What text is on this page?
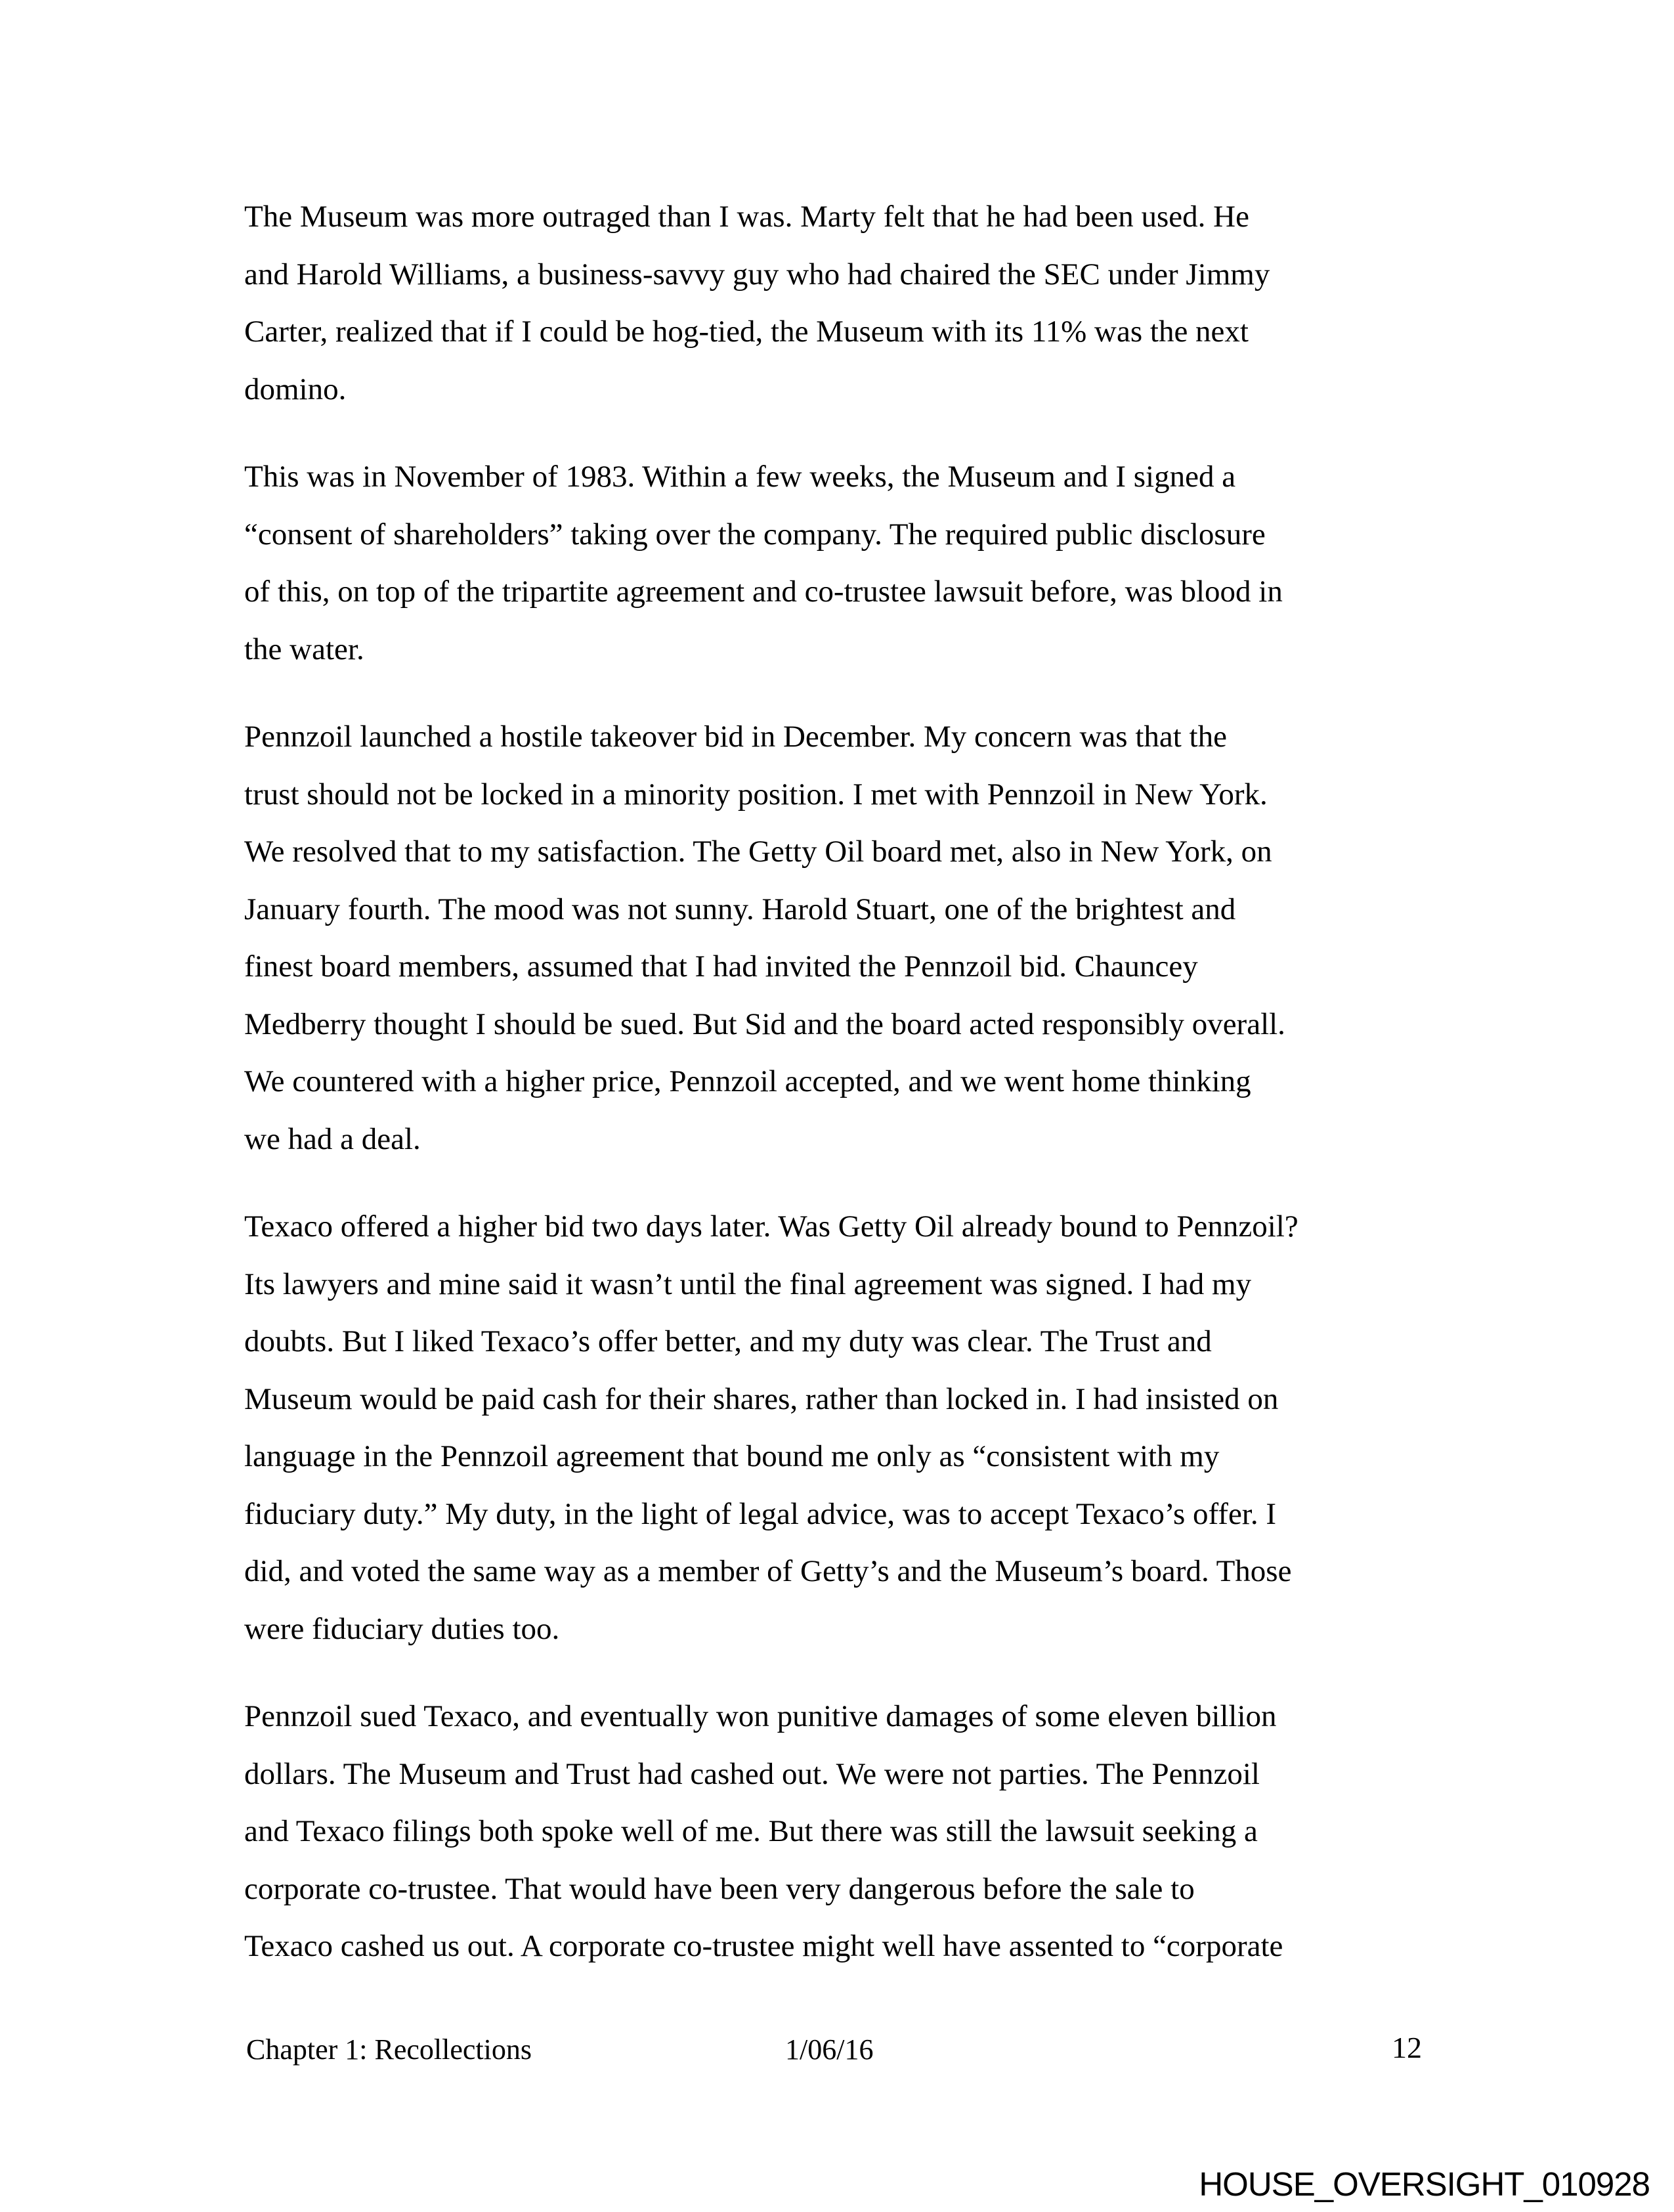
The Museum was more outraged than I was. Marty felt that he had been used. He
and Harold Williams, a business-savvy guy who had chaired the SEC under Jimmy
Carter, realized that if I could be hog-tied, the Museum with its 11% was the next
domino.
This was in November of 1983. Within a few weeks, the Museum and I signed a
“consent of shareholders” taking over the company. The required public disclosure
of this, on top of the tripartite agreement and co-trustee lawsuit before, was blood in
the water.
Pennzoil launched a hostile takeover bid in December. My concern was that the
trust should not be locked in a minority position. I met with Pennzoil in New York.
We resolved that to my satisfaction. The Getty Oil board met, also in New York, on
January fourth. The mood was not sunny. Harold Stuart, one of the brightest and
finest board members, assumed that I had invited the Pennzoil bid. Chauncey
Medberry thought I should be sued. But Sid and the board acted responsibly overall.
We countered with a higher price, Pennzoil accepted, and we went home thinking
we had a deal.
Texaco offered a higher bid two days later. Was Getty Oil already bound to Pennzoil?
Its lawyers and mine said it wasn’t until the final agreement was signed. I had my
doubts. But I liked Texaco’s offer better, and my duty was clear. The Trust and
Museum would be paid cash for their shares, rather than locked in. I had insisted on
language in the Pennzoil agreement that bound me only as “consistent with my
fiduciary duty.” My duty, in the light of legal advice, was to accept Texaco’s offer. I
did, and voted the same way as a member of Getty’s and the Museum’s board. Those
were fiduciary duties too.
Pennzoil sued Texaco, and eventually won punitive damages of some eleven billion
dollars. The Museum and Trust had cashed out. We were not parties. The Pennzoil
and Texaco filings both spoke well of me. But there was still the lawsuit seeking a
corporate co-trustee. That would have been very dangerous before the sale to
Texaco cashed us out. A corporate co-trustee might well have assented to “corporate
Chapter 1: Recollections	1/06/16	12
HOUSE_OVERSIGHT_010928
